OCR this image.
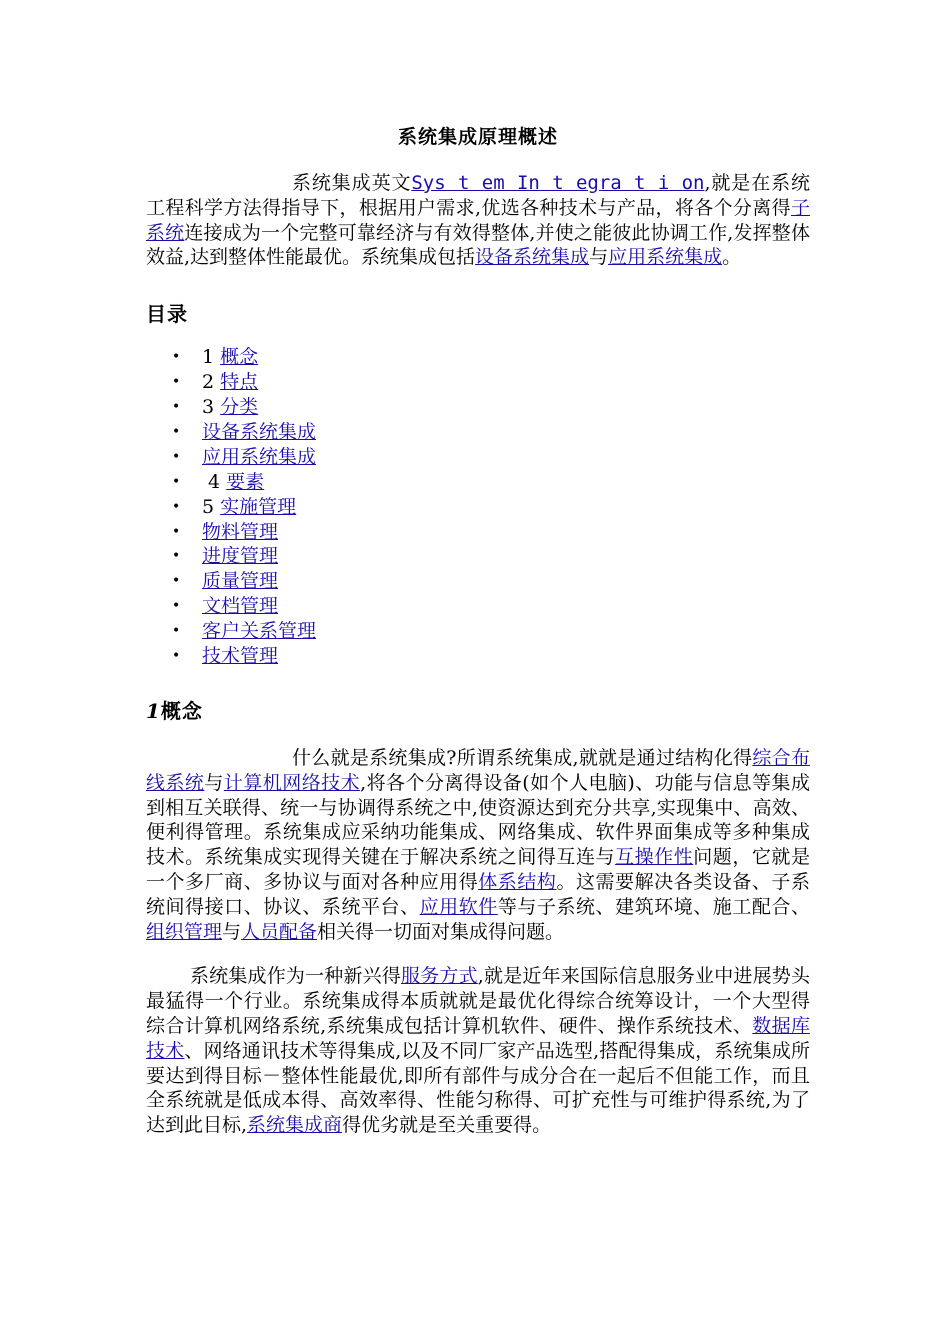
系统集成原理概述

系统集成英文Sys t em In t egra t i on,就是在系统工程科学方法得指导下，根据用户需求,优选各种技术与产品，将各个分离得子系统连接成为一个完整可靠经济与有效得整体,并使之能彼此协调工作,发挥整体效益,达到整体性能最优。系统集成包括设备系统集成与应用系统集成。

目录
• 1 概念
• 2 特点
• 3 分类
• 设备系统集成
• 应用系统集成
•  4 要素
• 5 实施管理
• 物料管理
• 进度管理
• 质量管理
• 文档管理
• 客户关系管理
• 技术管理
1概念

什么就是系统集成?所谓系统集成,就就是通过结构化得综合布线系统与计算机网络技术,将各个分离得设备(如个人电脑)、功能与信息等集成到相互关联得、统一与协调得系统之中,使资源达到充分共享,实现集中、高效、便利得管理。系统集成应采纳功能集成、网络集成、软件界面集成等多种集成技术。系统集成实现得关键在于解决系统之间得互连与互操作性问题，它就是一个多厂商、多协议与面对各种应用得体系结构。这需要解决各类设备、子系统间得接口、协议、系统平台、应用软件等与子系统、建筑环境、施工配合、组织管理与人员配备相关得一切面对集成得问题。

系统集成作为一种新兴得服务方式,就是近年来国际信息服务业中进展势头最猛得一个行业。系统集成得本质就就是最优化得综合统筹设计，一个大型得综合计算机网络系统,系统集成包括计算机软件、硬件、操作系统技术、数据库技术、网络通讯技术等得集成,以及不同厂家产品选型,搭配得集成，系统集成所要达到得目标－整体性能最优,即所有部件与成分合在一起后不但能工作，而且全系统就是低成本得、高效率得、性能匀称得、可扩充性与可维护得系统,为了达到此目标,系统集成商得优劣就是至关重要得。
